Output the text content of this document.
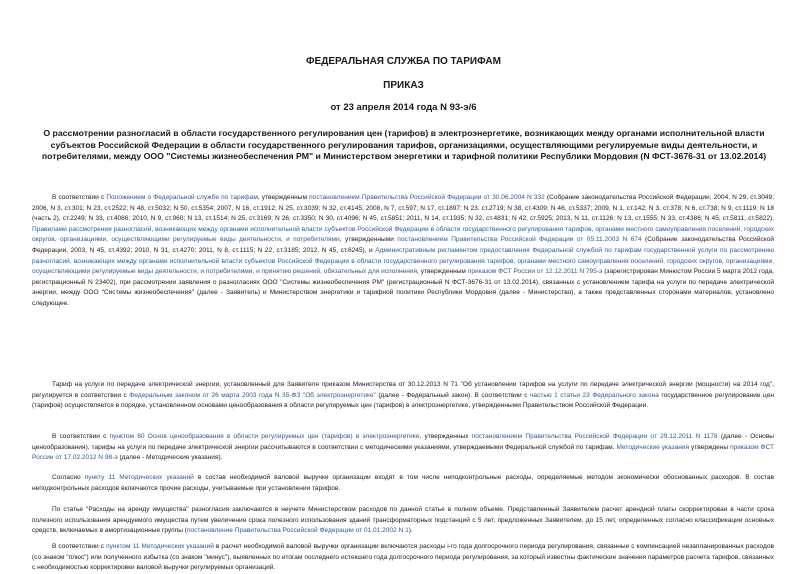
ФЕДЕРАЛЬНАЯ СЛУЖБА ПО ТАРИФАМ
ПРИКАЗ
от 23 апреля 2014 года N 93-э/6
О рассмотрении разногласий в области государственного регулирования цен (тарифов) в электроэнергетике, возникающих между органами исполнительной власти субъектов Российской Федерации в области государственного регулирования тарифов, организациями, осуществляющими регулируемые виды деятельности, и потребителями, между ООО "Системы жизнеобеспечения РМ" и Министерством энергетики и тарифной политики Республики Мордовия (N ФСТ-3676-31 от 13.02.2014)

В соответствии с Положением о Федеральной службе по тарифам, утвержденным постановлением Правительства Российской Федерации от 30.06.2004 N 332 (Собрание законодательства Российской Федерации, 2004, N 29, ст.3049; 2006, N 3, ст.301; N 23, ст.2522; N 48, ст.5032; N 50, ст.5354; 2007, N 16, ст.1912; N 25, ст.3039; N 32, ст.4145; 2008, N 7, ст.597; N 17, ст.1897; N 23, ст.2719; N 38, ст.4309; N 46, ст.5337; 2009, N 1, ст.142; N 3, ст.378; N 6, ст.738; N 9, ст.1119; N 18 (часть 2), ст.2249; N 33, ст.4086; 2010, N 9, ст.960; N 13, ст.1514; N 25, ст.3169; N 26, ст.3350; N 30, ст.4096; N 45, ст.5851; 2011, N 14, ст.1935; N 32, ст.4831; N 42, ст.5925; 2013, N 11, ст.1126; N 13, ст.1555; N 33, ст.4386; N 45, ст.5811, ст.5822), Правилами рассмотрения разногласий, возникающих между органами исполнительной власти субъектов Российской Федерации в области государственного регулирования тарифов, органами местного самоуправления поселений, городских округов, организациями, осуществляющими регулируемые виды деятельности, и потребителями, утвержденными постановлением Правительства Российской Федерации от 05.11.2003 N 674 (Собрание законодательства Российской Федерации, 2003, N 45, ст.4392; 2010, N 31, ст.4270; 2011, N 8, ст.1115; N 22, ст.3185; 2012, N 45, ст.6245), и Административным регламентом предоставления Федеральной службой по тарифам государственной услуги по рассмотрению разногласий, возникающих между органами исполнительной власти субъектов Российской Федерации в области государственного регулирования тарифов, органами местного самоуправления поселений, городских округов, организациями, осуществляющими регулируемые виды деятельности, и потребителями, и принятию решений, обязательных для исполнения, утвержденным приказом ФСТ России от 12.12.2011 N 795-э (зарегистрирован Минюстом России 5 марта 2012 года, регистрационный N 23402), при рассмотрении заявления о разногласиях ООО "Системы жизнеобеспечения РМ" (регистрационный N ФСТ-3676-31 от 13.02.2014), связанных с установлением тарифа на услуги по передаче электрической энергии, между ООО "Системы жизнеобеспечения" (далее - Заявитель) и Министерством энергетики и тарифной политики Республики Мордовия (далее - Министерство), а также представленных сторонами материалов, установлено следующее.

Тариф на услуги по передаче электрической энергии, установленный для Заявителя приказом Министерства от 30.12.2013 N 71 "Об установлении тарифов на услуги по передаче электрической энергии (мощности) на 2014 год", регулируется в соответствии с Федеральным законом от 26 марта 2003 года N 35-ФЗ "Об электроэнергетике" (далее - Федеральный закон). В соответствии с частью 1 статьи 23 Федерального закона государственное регулирование цен (тарифов) осуществляется в порядке, установленном основами ценообразования в области регулируемых цен (тарифов) в электроэнергетике, утвержденными Правительством Российской Федерации.

В соответствии с пунктом 80 Основ ценообразования в области регулируемых цен (тарифов) в электроэнергетике, утвержденных постановлением Правительства Российской Федерации от 29.12.2011 N 1178 (далее - Основы ценообразования), тарифы на услуги по передаче электрической энергии рассчитываются в соответствии с методическими указаниями, утверждаемыми Федеральной службой по тарифам. Методические указания утверждены приказом ФСТ России от 17.02.2012 N 98-э (далее - Методические указания).

Согласно пункту 11 Методических указаний в состав необходимой валовой выручки организации входят в том числе неподконтрольные расходы, определяемые методом экономически обоснованных расходов. В состав неподконтрольных расходов включаются прочие расходы, учитываемые при установлении тарифов.

По статье "Расходы на аренду имущества" разногласия заключаются в неучете Министерством расходов по данной статье в полном объеме. Представленный Заявителем расчет арендной платы скорректирован в части срока полезного использования арендуемого имущества путем увеличения срока полезного использования зданий трансформаторных подстанций с 5 лет, предложенных Заявителем, до 15 лет, определенных согласно классификации основных средств, включаемых в амортизационные группы (постановление Правительства Российской Федерации от 01.01.2002 N 1).

В соответствии с пунктом 11 Методических указаний в расчет необходимой валовой выручки организации включаются расходы i-го года долгосрочного периода регулирования, связанные с компенсацией незапланированных расходов (со знаком "плюс") или полученного избытка (со знаком "минус"), выявленных по итогам последнего истекшего года долгосрочного периода регулирования, за который известны фактические значения параметров расчета тарифов, связанных с необходимостью корректировки валовой выручки регулируемых организаций.
